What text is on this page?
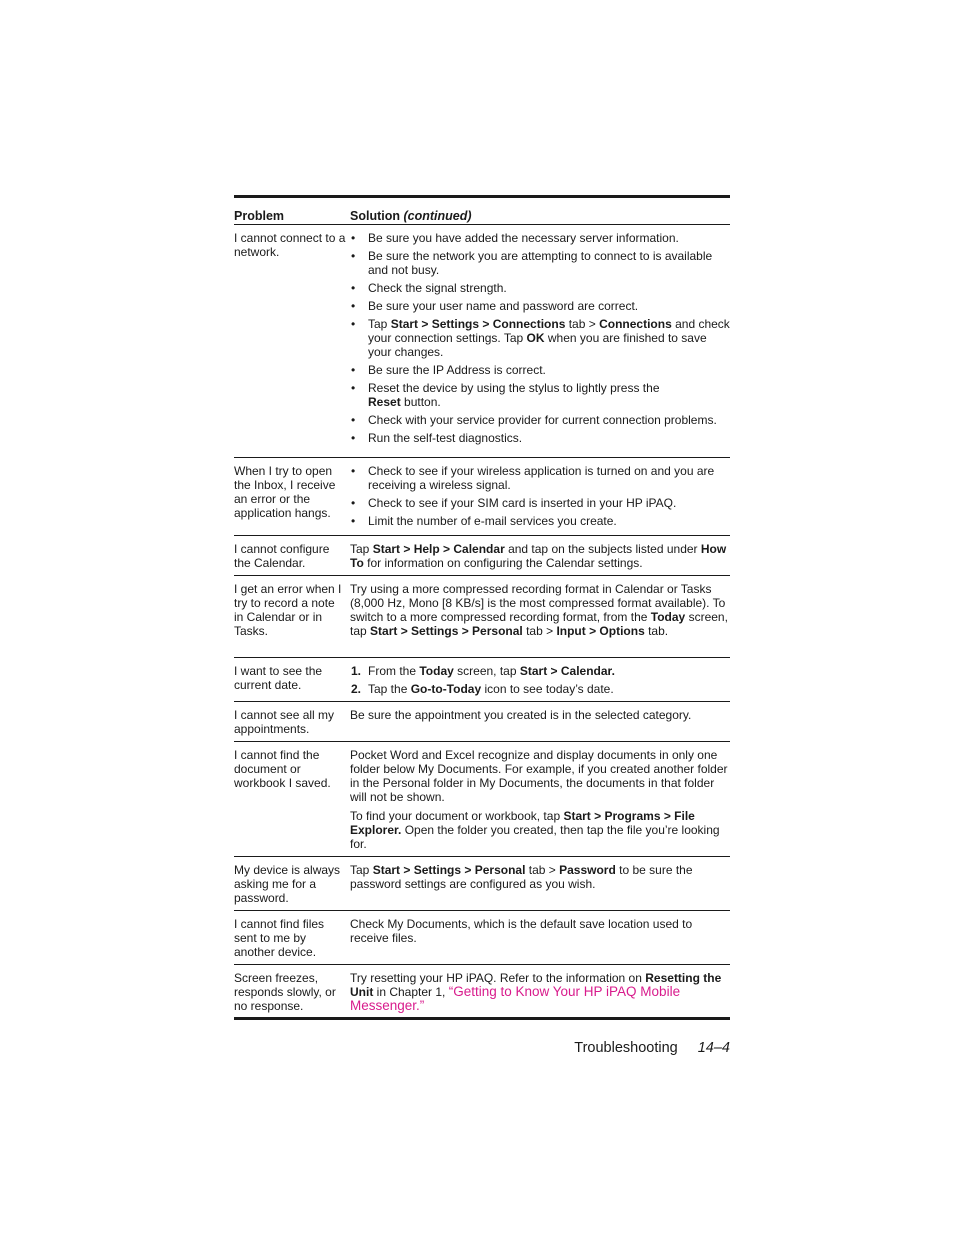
Problem	Solution (continued)
I cannot connect to a network.
• Be sure you have added the necessary server information.
• Be sure the network you are attempting to connect to is available and not busy.
• Check the signal strength.
• Be sure your user name and password are correct.
• Tap Start > Settings > Connections tab > Connections and check your connection settings. Tap OK when you are finished to save your changes.
• Be sure the IP Address is correct.
• Reset the device by using the stylus to lightly press the
Reset button.
• Check with your service provider for current connection problems.
• Run the self-test diagnostics.
When I try to open the Inbox, I receive an error or the application hangs.
• Check to see if your wireless application is turned on and you are receiving a wireless signal.
• Check to see if your SIM card is inserted in your HP iPAQ.
• Limit the number of e-mail services you create.
I cannot configure the Calendar.

Tap Start > Help > Calendar and tap on the subjects listed under How To for information on configuring the Calendar settings.

I get an error when I try to record a note in Calendar or in Tasks.

Try using a more compressed recording format in Calendar or Tasks (8,000 Hz, Mono [8 KB/s] is the most compressed format available). To switch to a more compressed recording format, from the Today screen, tap Start > Settings > Personal tab > Input > Options tab.

I want to see the current date.
1. From the Today screen, tap Start > Calendar.
2. Tap the Go-to-Today icon to see today’s date.
I cannot see all my appointments.

Be sure the appointment you created is in the selected category.

I cannot find the document or workbook I saved.

Pocket Word and Excel recognize and display documents in only one folder below My Documents. For example, if you created another folder in the Personal folder in My Documents, the documents in that folder will not be shown.

To find your document or workbook, tap Start > Programs > File Explorer. Open the folder you created, then tap the file you’re looking for.

My device is always asking me for a password.

Tap Start > Settings > Personal tab > Password to be sure the password settings are configured as you wish.

I cannot find files sent to me by another device.

Check My Documents, which is the default save location used to receive files.

Screen freezes, responds slowly, or no response.

Try resetting your HP iPAQ. Refer to the information on Resetting the Unit in Chapter 1, “Getting to Know Your HP iPAQ Mobile Messenger.”

Troubleshooting 14–4
